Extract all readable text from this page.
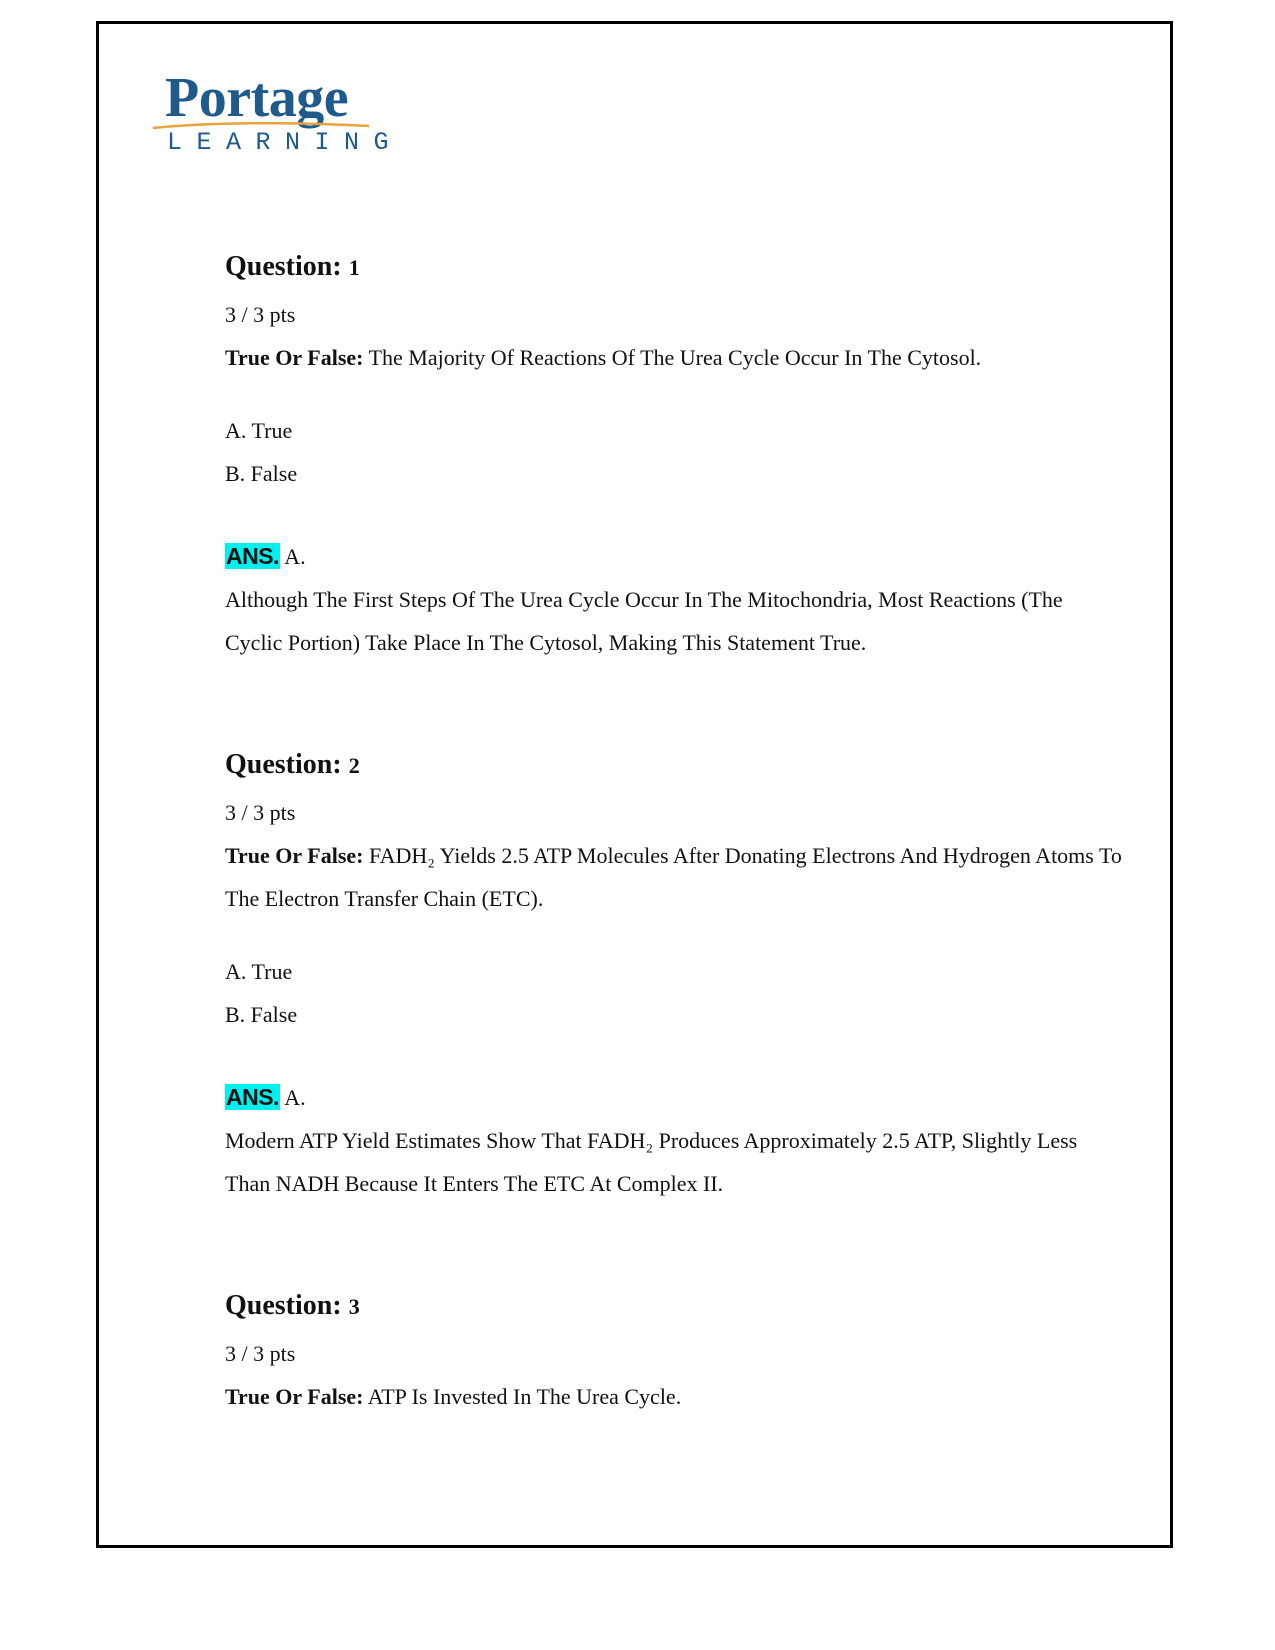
Portage
LEARNING
Question: 1
3 / 3 pts
True Or False: The Majority Of Reactions Of The Urea Cycle Occur In The Cytosol.
A. True
B. False
ANS. A.
Although The First Steps Of The Urea Cycle Occur In The Mitochondria, Most Reactions (The Cyclic Portion) Take Place In The Cytosol, Making This Statement True.
Question: 2
3 / 3 pts
True Or False: FADH₂ Yields 2.5 ATP Molecules After Donating Electrons And Hydrogen Atoms To The Electron Transfer Chain (ETC).
A. True
B. False
ANS. A.
Modern ATP Yield Estimates Show That FADH₂ Produces Approximately 2.5 ATP, Slightly Less Than NADH Because It Enters The ETC At Complex II.
Question: 3
3 / 3 pts
True Or False: ATP Is Invested In The Urea Cycle.
